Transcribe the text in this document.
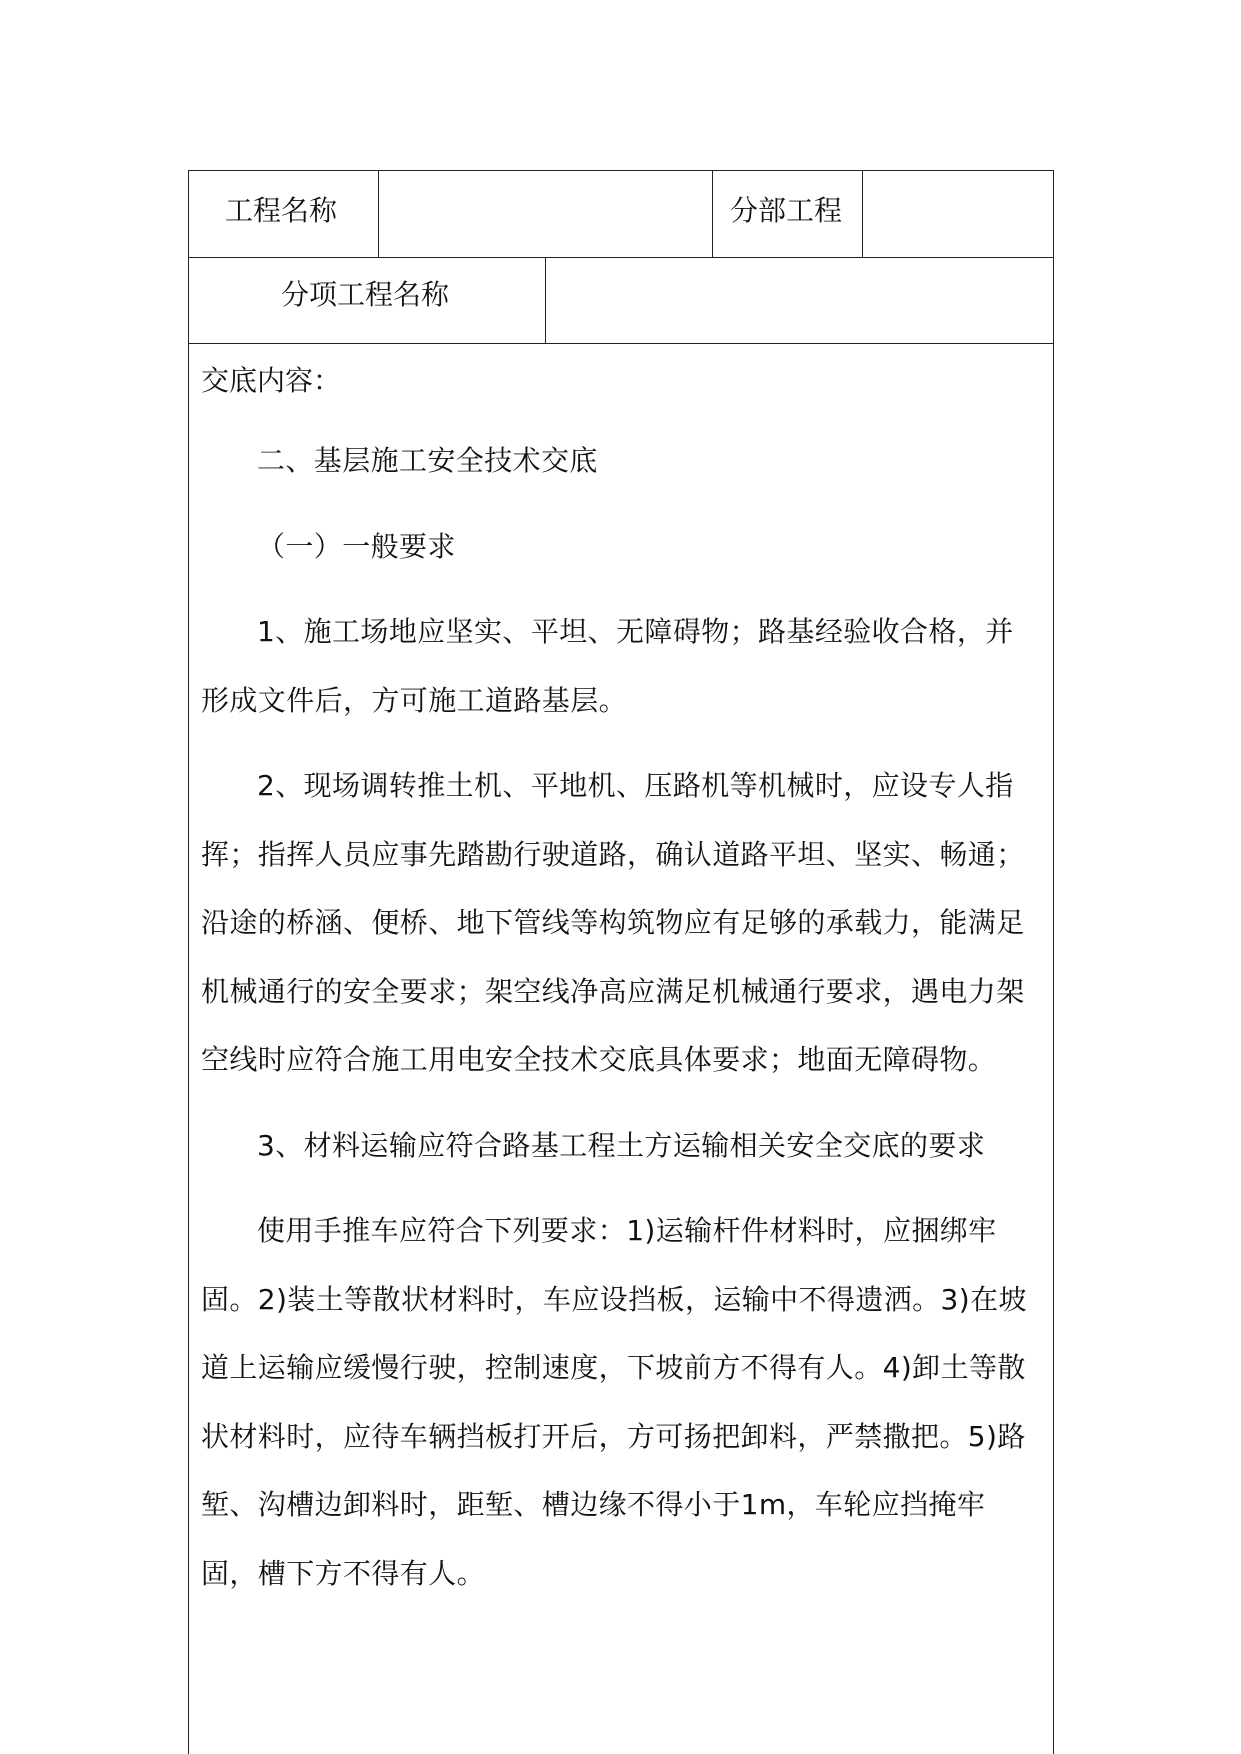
工程名称	分部工程
分项工程名称
交底内容：

二、基层施工安全技术交底

（一）一般要求

1、施工场地应坚实、平坦、无障碍物；路基经验收合格，并形成文件后，方可施工道路基层。

2、现场调转推土机、平地机、压路机等机械时，应设专人指挥；指挥人员应事先踏勘行驶道路，确认道路平坦、坚实、畅通；沿途的桥涵、便桥、地下管线等构筑物应有足够的承载力，能满足机械通行的安全要求；架空线净高应满足机械通行要求，遇电力架空线时应符合施工用电安全技术交底具体要求；地面无障碍物。

3、材料运输应符合路基工程土方运输相关安全交底的要求

使用手推车应符合下列要求：1)运输杆件材料时，应捆绑牢固。2)装土等散状材料时，车应设挡板，运输中不得遗洒。3)在坡道上运输应缓慢行驶，控制速度，下坡前方不得有人。4)卸土等散状材料时，应待车辆挡板打开后，方可扬把卸料，严禁撒把。5)路堑、沟槽边卸料时，距堑、槽边缘不得小于1m，车轮应挡掩牢固，槽下方不得有人。
